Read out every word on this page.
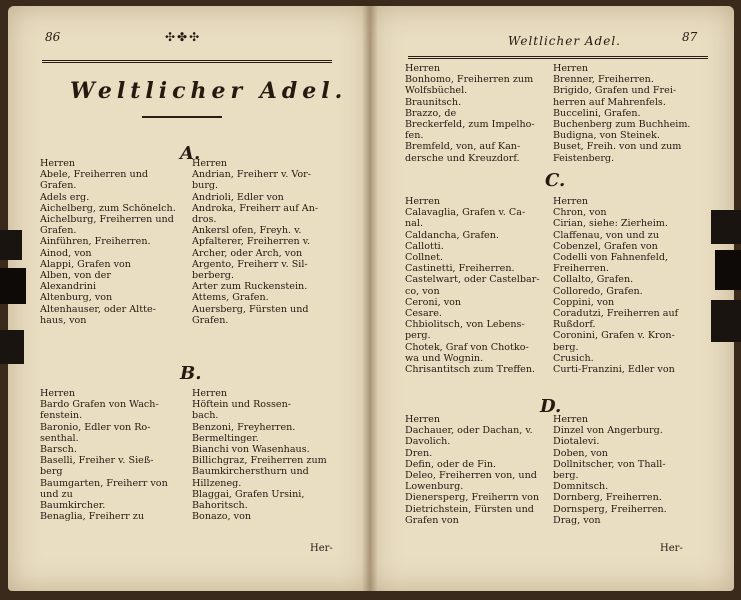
86	✣✤✣
Weltlicher Adel.
A.
Herren
Abele, Freiherren und
Grafen.
Adels erg.
Aichelberg, zum Schönelch.
Aichelburg, Freiherren und
Grafen.
Ainführen, Freiherren.
Ainod, von
Alappi, Grafen von
Alben, von der
Alexandrini
Altenburg, von
Altenhauser, oder Altte-
haus, von
Herren
Andrian, Freiherr v. Vor-
burg.
Andrioli, Edler von
Androka, Freiherr auf An-
dros.
Ankersl ofen, Freyh. v.
Apfalterer, Freiherren v.
Archer, oder Arch, von
Argento, Freiherr v. Sil-
berberg.
Arter zum Ruckenstein.
Attems, Grafen.
Auersberg, Fürsten und
Grafen.
B.
Herren
Bardo Grafen von Wach-
fenstein.
Baronio, Edler von Ro-
senthal.
Barsch.
Baselli, Freiher v. Sieß-
berg
Baumgarten, Freiherr von
und zu
Baumkircher.
Benaglia, Freiherr zu
Herren
Höftein und Rossen-
bach.
Benzoni, Freyherren.
Bermeltinger.
Bianchi von Wasenhaus.
Billichgraz, Freiherren zum
Baumkirchersthurn und
Hillzeneg.
Blaggai, Grafen Ursini,
Bahoritsch.
Bonazo, von
Her-
Weltlicher Adel.	87
Herren
Bonhomo, Freiherren zum
Wolfsbüchel.
Braunitsch.
Brazzo, de
Breckerfeld, zum Impelho-
fen.
Bremfeld, von, auf Kan-
dersche und Kreuzdorf.
Herren
Brenner, Freiherren.
Brigido, Grafen und Frei-
herren auf Mahrenfels.
Buccelini, Grafen.
Buchenberg zum Buchheim.
Budigna, von Steinek.
Buset, Freih. von und zum
Feistenberg.
C.
Herren
Calavaglia, Grafen v. Ca-
nal.
Caldancha, Grafen.
Callotti.
Collnet.
Castinetti, Freiherren.
Castelwart, oder Castelbar-
co, von
Ceroni, von
Cesare.
Chbiolitsch, von Lebens-
perg.
Chotek, Graf von Chotko-
wa und Wognin.
Chrisantitsch zum Treffen.
Herren
Chron, von
Cirian, siehe: Zierheim.
Claffenau, von und zu
Cobenzel, Grafen von
Codelli von Fahnenfeld,
Freiherren.
Collalto, Grafen.
Colloredo, Grafen.
Coppini, von
Coradutzi, Freiherren auf
Rußdorf.
Coronini, Grafen v. Kron-
berg.
Crusich.
Curti-Franzini, Edler von
D.
Herren
Dachauer, oder Dachan, v.
Davolich.
Dren.
Defin, oder de Fin.
Deleo, Freiherren von, und
Lowenburg.
Dienersperg, Freiherrn von
Dietrichstein, Fürsten und
Grafen von
Herren
Dinzel von Angerburg.
Diotalevi.
Doben, von
Dollnitscher, von Thall-
berg.
Domnitsch.
Dornberg, Freiherren.
Dornsperg, Freiherren.
Drag, von
Her-
